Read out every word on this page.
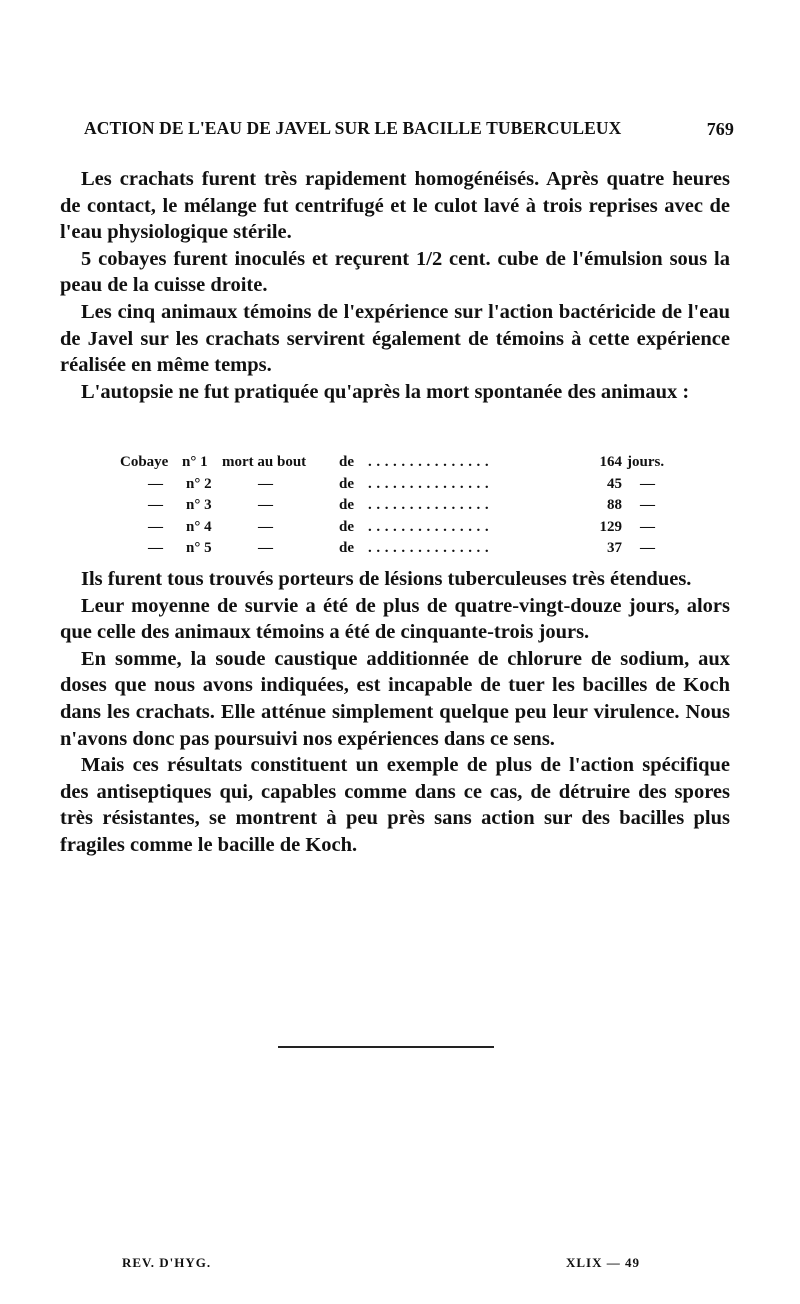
ACTION DE L'EAU DE JAVEL SUR LE BACILLE TUBERCULEUX	769

Les crachats furent très rapidement homogénéisés. Après quatre heures de contact, le mélange fut centrifugé et le culot lavé à trois reprises avec de l'eau physiologique stérile.

5 cobayes furent inoculés et reçurent 1/2 cent. cube de l'émulsion sous la peau de la cuisse droite.

Les cinq animaux témoins de l'expérience sur l'action bactéricide de l'eau de Javel sur les crachats servirent également de témoins à cette expérience réalisée en même temps.

L'autopsie ne fut pratiquée qu'après la mort spontanée des animaux :

Cobaye n° 1 mort au bout de ...............	164 jours.
— n° 2	—	de ...............	45 —
— n° 3	—	de ...............	88 —
— n° 4	—	de ...............	129 —
— n° 5	—	de ...............	37 —

Ils furent tous trouvés porteurs de lésions tuberculeuses très étendues.

Leur moyenne de survie a été de plus de quatre-vingt-douze jours, alors que celle des animaux témoins a été de cinquante-trois jours.

En somme, la soude caustique additionnée de chlorure de sodium, aux doses que nous avons indiquées, est incapable de tuer les bacilles de Koch dans les crachats. Elle atténue simplement quelque peu leur virulence. Nous n'avons donc pas poursuivi nos expériences dans ce sens.

Mais ces résultats constituent un exemple de plus de l'action spécifique des antiseptiques qui, capables comme dans ce cas, de détruire des spores très résistantes, se montrent à peu près sans action sur des bacilles plus fragiles comme le bacille de Koch.

REV. D'HYG.	XLIX — 49
